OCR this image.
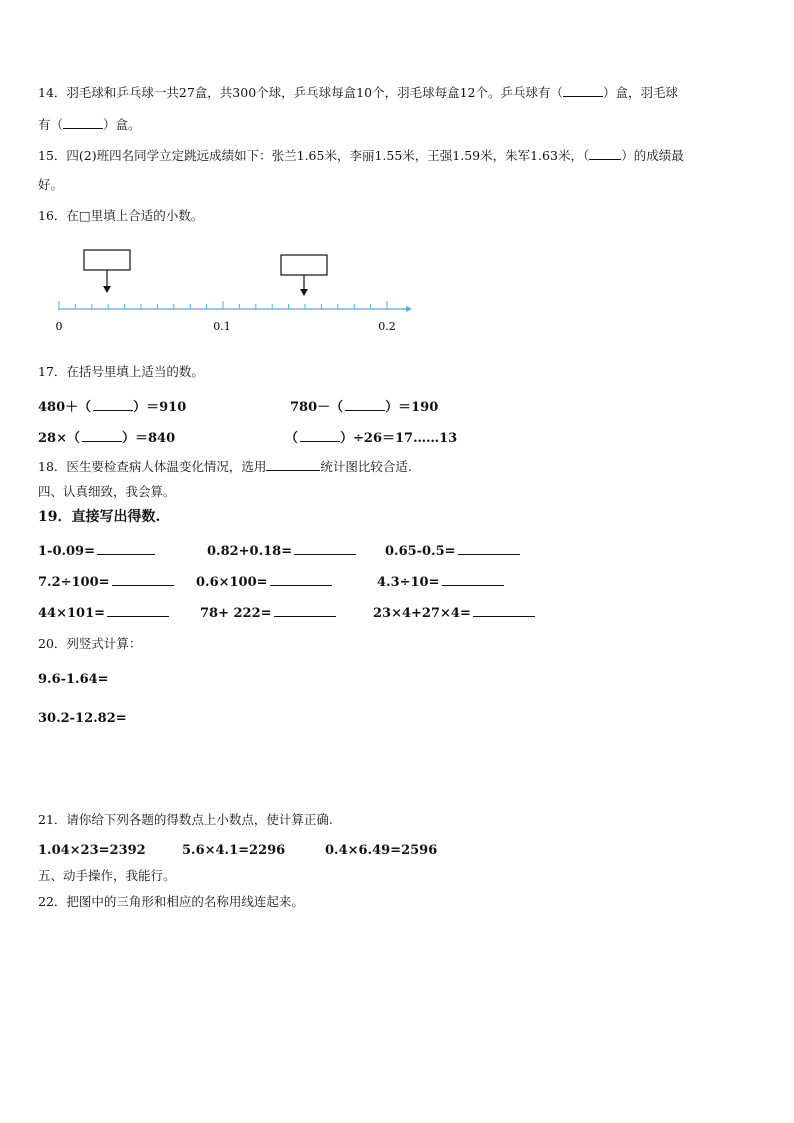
14．羽毛球和乒乓球一共27盒，共300个球，乒乓球每盒10个，羽毛球每盒12个。乒乓球有（	）盒，羽毛球
有（	）盒。
15．四(2)班四名同学立定跳远成绩如下：张兰1.65米，李丽1.55米，王强1.59米，朱军1.63米，（	）的成绩最
好。
16．在□里填上合适的小数。
0	0.1	0.2
17．在括号里填上适当的数。
480＋（	）＝910	780－（	）＝190
28×（	）＝840	（	）÷26＝17……13
18．医生要检查病人体温变化情况，选用	统计图比较合适.
四、认真细致，我会算。
19．直接写出得数.
1-0.09=	0.82+0.18=	0.65-0.5=
7.2÷100=	0.6×100=	4.3÷10=
44×101=	78+ 222=	23×4+27×4=
20．列竖式计算：
9.6-1.64=
30.2-12.82=
21．请你给下列各题的得数点上小数点，使计算正确.
1.04×23=2392	5.6×4.1=2296	0.4×6.49=2596
五、动手操作，我能行。
22．把图中的三角形和相应的名称用线连起来。
